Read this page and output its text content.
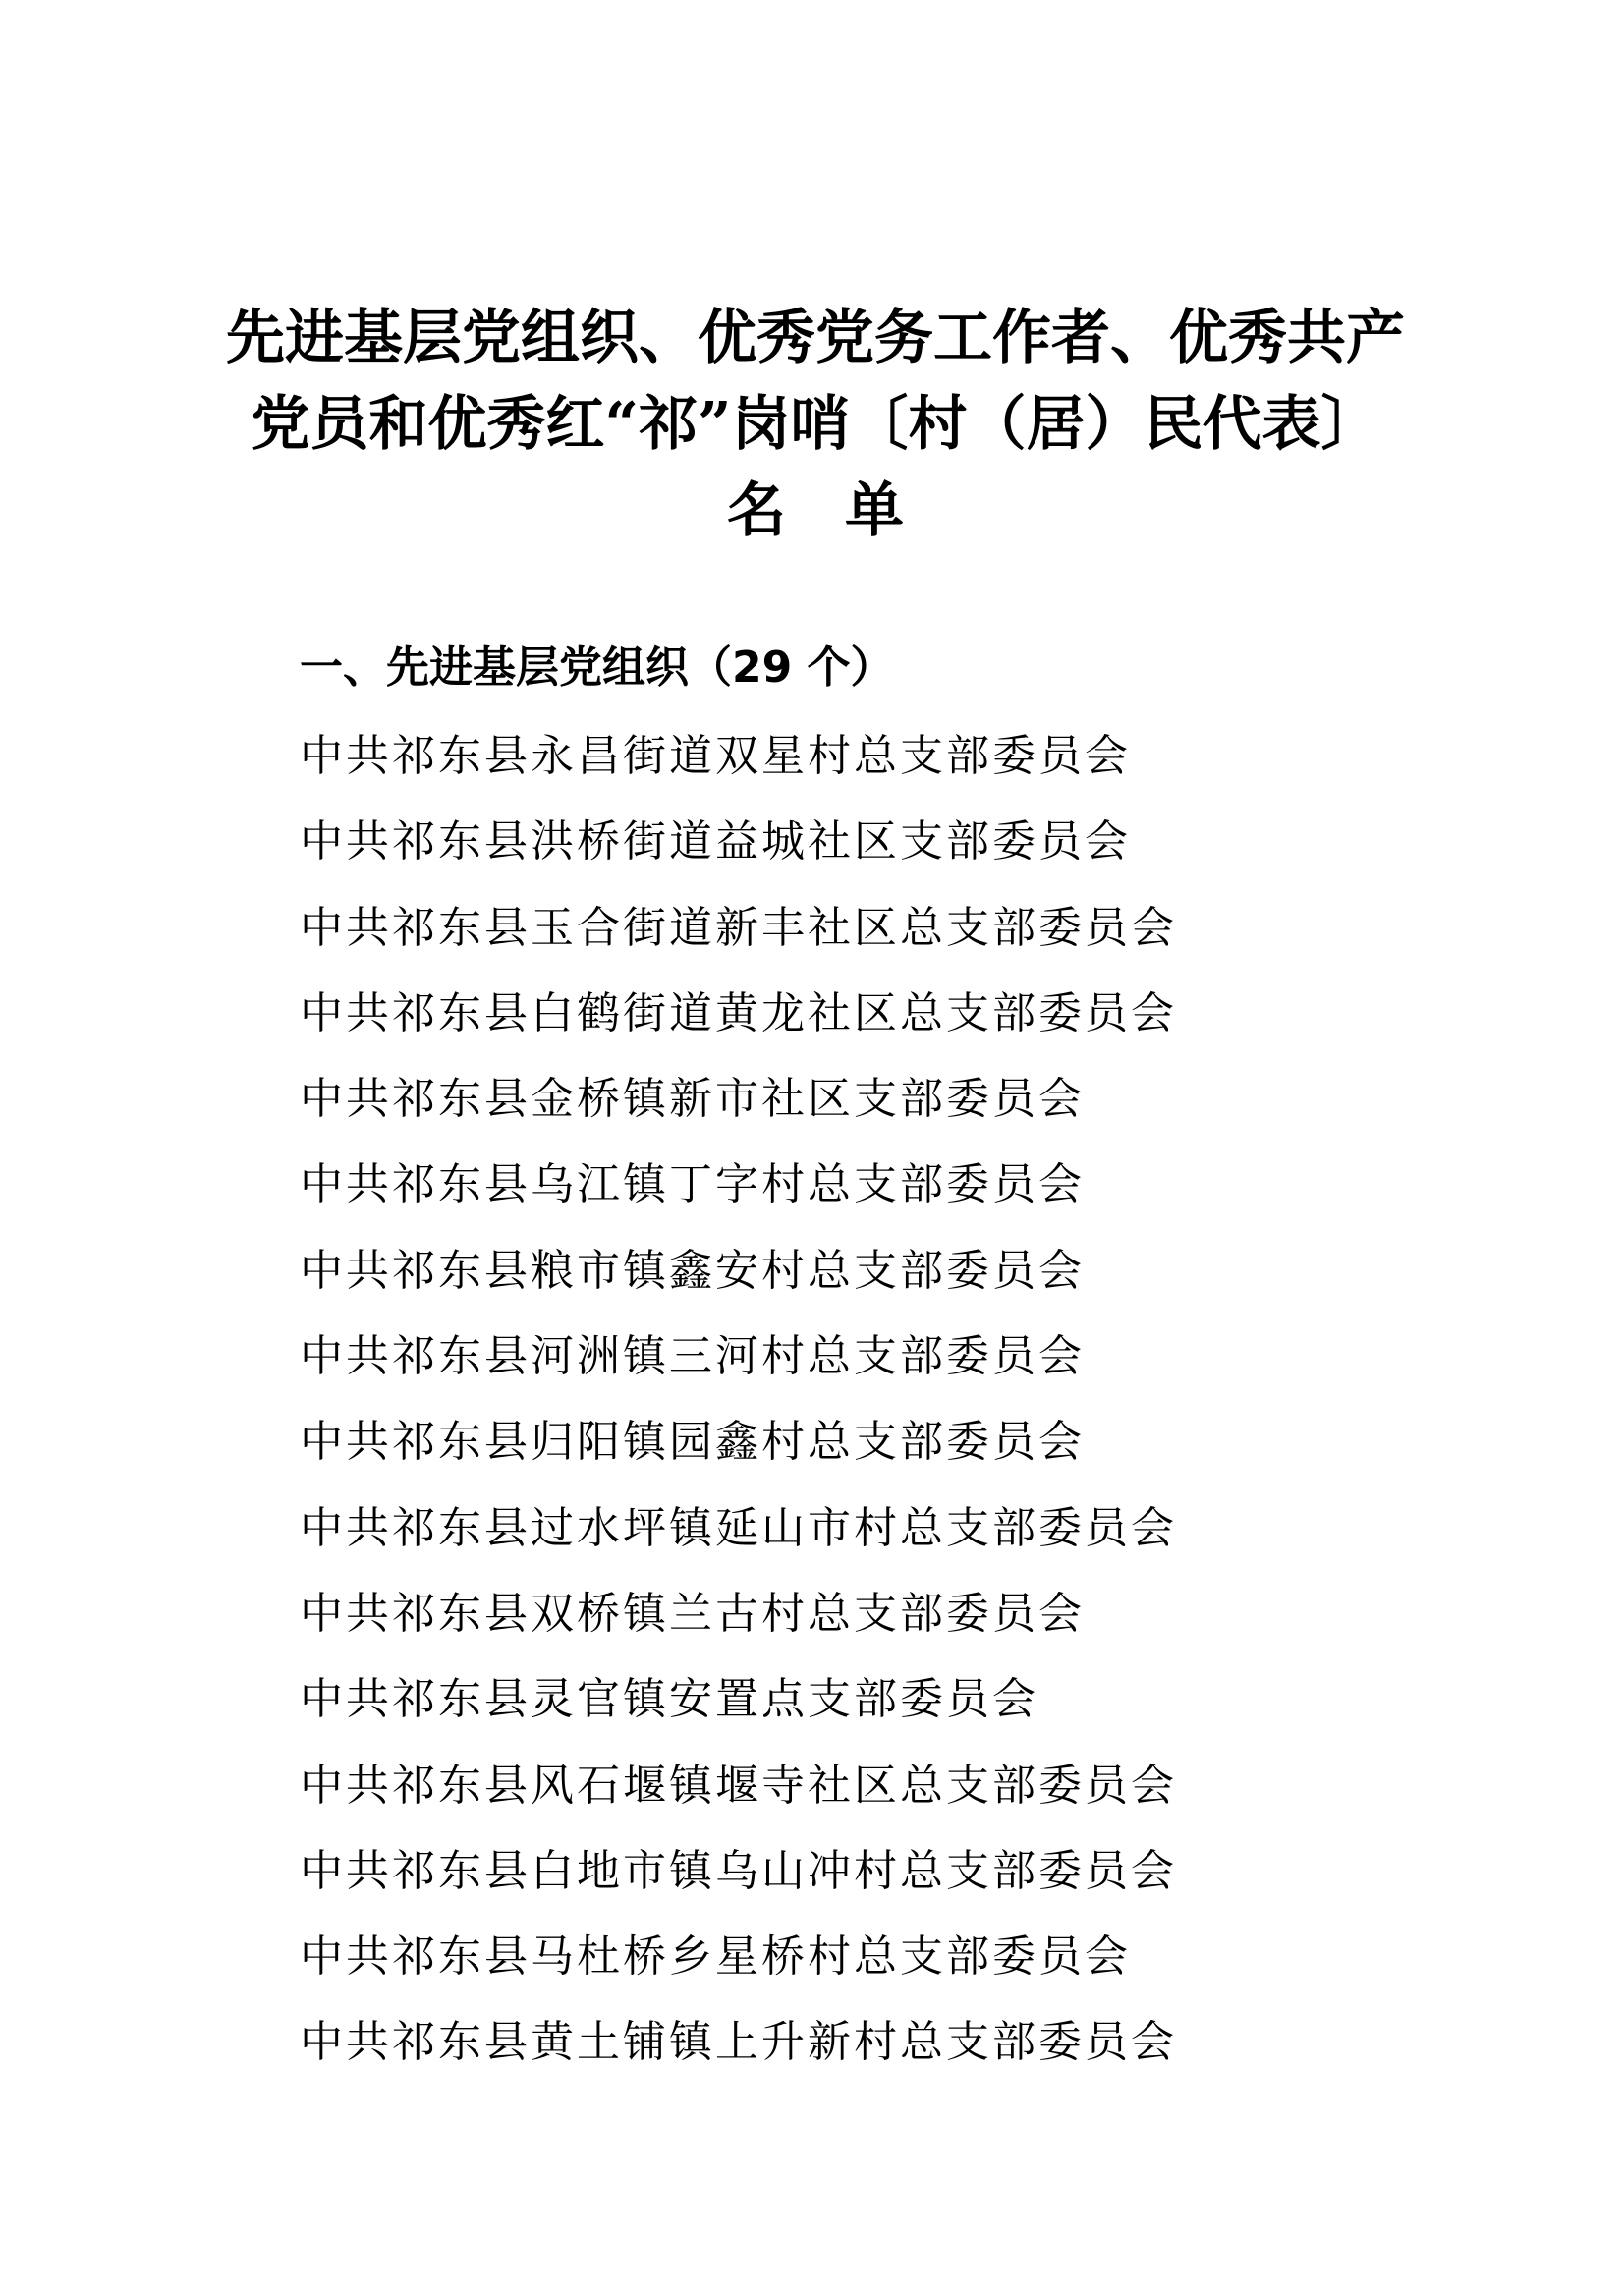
先进基层党组织、优秀党务工作者、优秀共产
党员和优秀红“祁”岗哨〔村（居）民代表〕
名单
一、先进基层党组织（29 个）
中共祁东县永昌街道双星村总支部委员会
中共祁东县洪桥街道益城社区支部委员会
中共祁东县玉合街道新丰社区总支部委员会
中共祁东县白鹤街道黄龙社区总支部委员会
中共祁东县金桥镇新市社区支部委员会
中共祁东县乌江镇丁字村总支部委员会
中共祁东县粮市镇鑫安村总支部委员会
中共祁东县河洲镇三河村总支部委员会
中共祁东县归阳镇园鑫村总支部委员会
中共祁东县过水坪镇延山市村总支部委员会
中共祁东县双桥镇兰古村总支部委员会
中共祁东县灵官镇安置点支部委员会
中共祁东县风石堰镇堰寺社区总支部委员会
中共祁东县白地市镇乌山冲村总支部委员会
中共祁东县马杜桥乡星桥村总支部委员会
中共祁东县黄土铺镇上升新村总支部委员会
